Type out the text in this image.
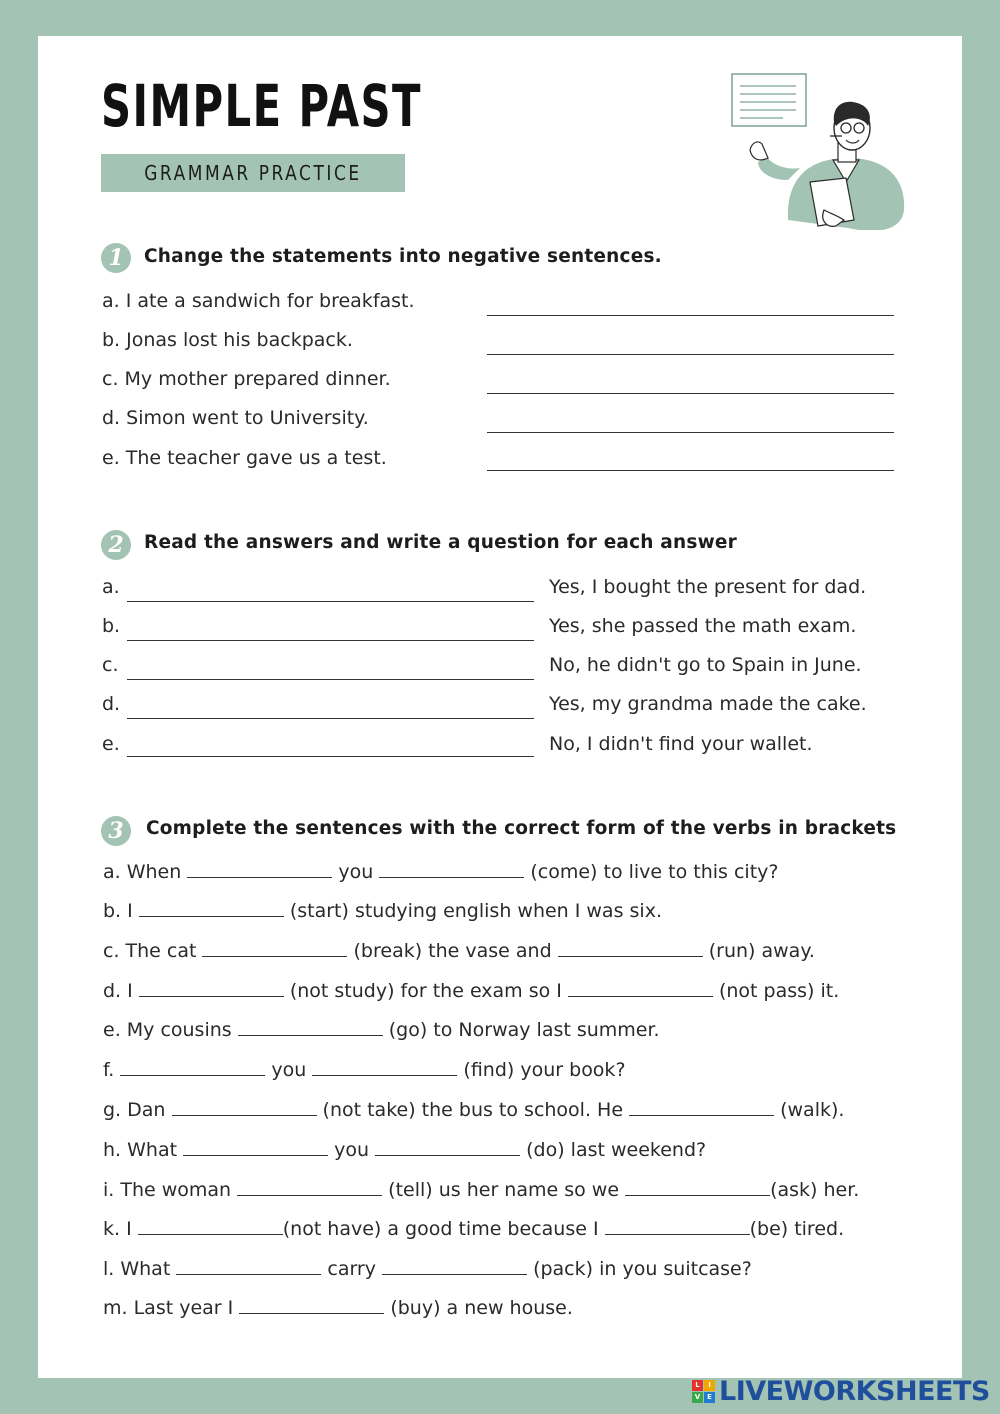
SIMPLE PAST
GRAMMAR PRACTICE
1	Change the statements into negative sentences.
a. I ate a sandwich for breakfast.
b. Jonas lost his backpack.
c. My mother prepared dinner.
d. Simon went to University.
e. The teacher gave us a test.
2	Read the answers and write a question for each answer
a.	Yes, I bought the present for dad.
b.	Yes, she passed the math exam.
c.	No, he didn't go to Spain in June.
d.	Yes, my grandma made the cake.
e.	No, I didn't find your wallet.
3	Complete the sentences with the correct form of the verbs in brackets
a. When	you	(come) to live to this city?
b. I	(start) studying english when I was six.
c. The cat	(break) the vase and	(run) away.
d. I	(not study) for the exam so I	(not pass) it.
e. My cousins	(go) to Norway last summer.
f.	you	(find) your book?
g. Dan	(not take) the bus to school. He	(walk).
h. What	you	(do) last weekend?
i. The woman	(tell) us her name so we	(ask) her.
k. I	(not have) a good time because I	(be) tired.
l. What	carry	(pack) in you suitcase?
m. Last year I	(buy) a new house.
L	I
V E LIVEWORKSHEETS
